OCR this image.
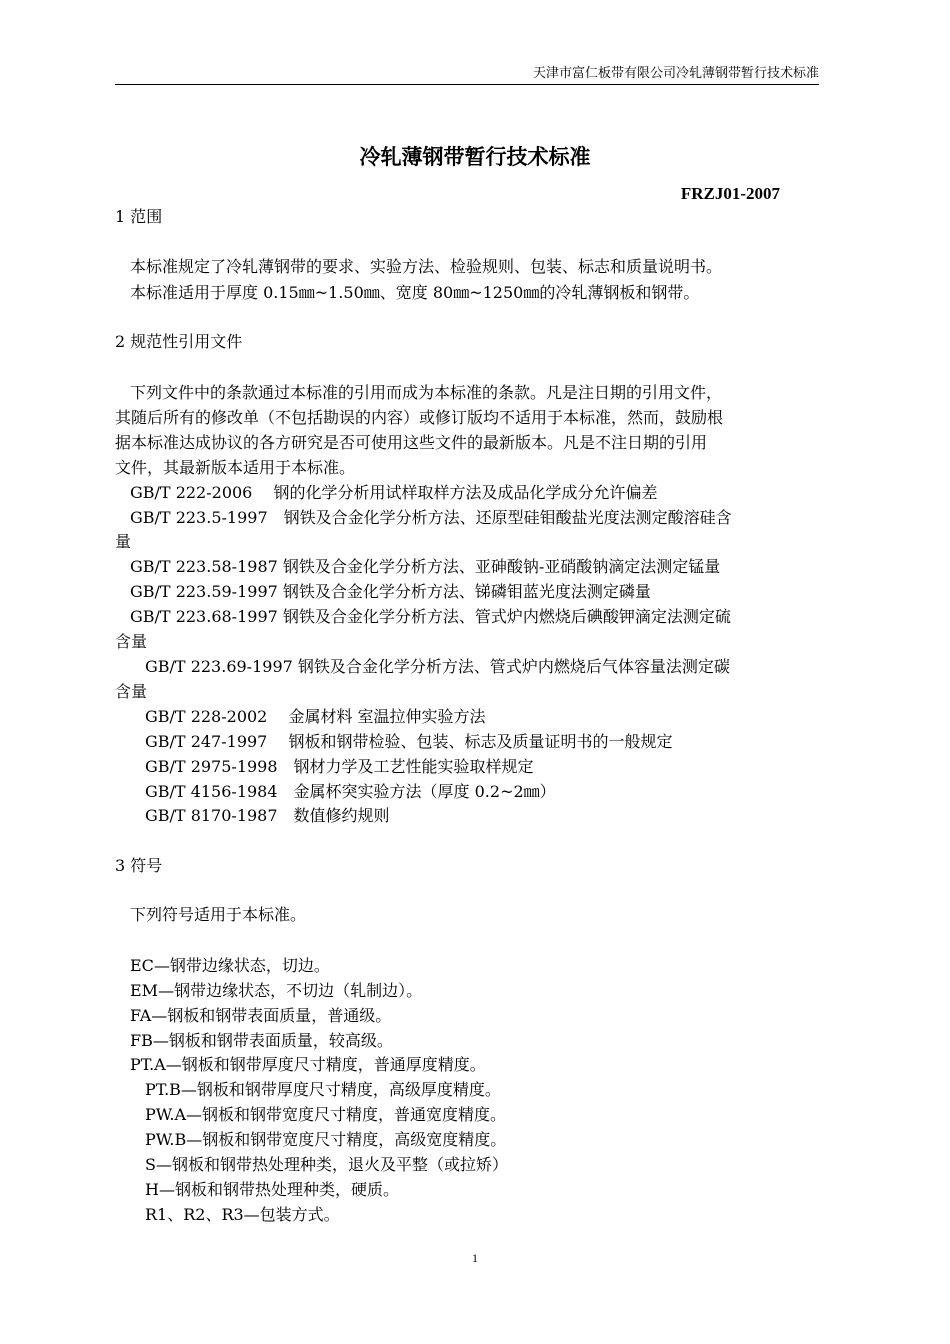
天津市富仁板带有限公司冷轧薄钢带暂行技术标准
冷轧薄钢带暂行技术标准
FRZJ01-2007
1 范围
本标准规定了冷轧薄钢带的要求、实验方法、检验规则、包装、标志和质量说明书。
本标准适用于厚度 0.15㎜~1.50㎜、宽度 80㎜~1250㎜的冷轧薄钢板和钢带。
2 规范性引用文件
下列文件中的条款通过本标准的引用而成为本标准的条款。凡是注日期的引用文件，
其随后所有的修改单（不包括勘误的内容）或修订版均不适用于本标准，然而，鼓励根
据本标准达成协议的各方研究是否可使用这些文件的最新版本。凡是不注日期的引用
文件，其最新版本适用于本标准。
GB/T 222-2006　 钢的化学分析用试样取样方法及成品化学成分允许偏差
GB/T 223.5-1997　钢铁及合金化学分析方法、还原型硅钼酸盐光度法测定酸溶硅含
量
GB/T 223.58-1987 钢铁及合金化学分析方法、亚砷酸钠-亚硝酸钠滴定法测定锰量
GB/T 223.59-1997 钢铁及合金化学分析方法、锑磷钼蓝光度法测定磷量
GB/T 223.68-1997 钢铁及合金化学分析方法、管式炉内燃烧后碘酸钾滴定法测定硫
含量
GB/T 223.69-1997 钢铁及合金化学分析方法、管式炉内燃烧后气体容量法测定碳
含量
GB/T 228-2002　 金属材料 室温拉伸实验方法
GB/T 247-1997　 钢板和钢带检验、包装、标志及质量证明书的一般规定
GB/T 2975-1998　钢材力学及工艺性能实验取样规定
GB/T 4156-1984　金属杯突实验方法（厚度 0.2~2㎜）
GB/T 8170-1987　数值修约规则
3 符号
下列符号适用于本标准。
EC—钢带边缘状态，切边。
EM—钢带边缘状态，不切边（轧制边）。
FA—钢板和钢带表面质量，普通级。
FB—钢板和钢带表面质量，较高级。
PT.A—钢板和钢带厚度尺寸精度，普通厚度精度。
PT.B—钢板和钢带厚度尺寸精度，高级厚度精度。
PW.A—钢板和钢带宽度尺寸精度，普通宽度精度。
PW.B—钢板和钢带宽度尺寸精度，高级宽度精度。
S—钢板和钢带热处理种类，退火及平整（或拉矫）
H—钢板和钢带热处理种类，硬质。
R1、R2、R3—包装方式。
1
